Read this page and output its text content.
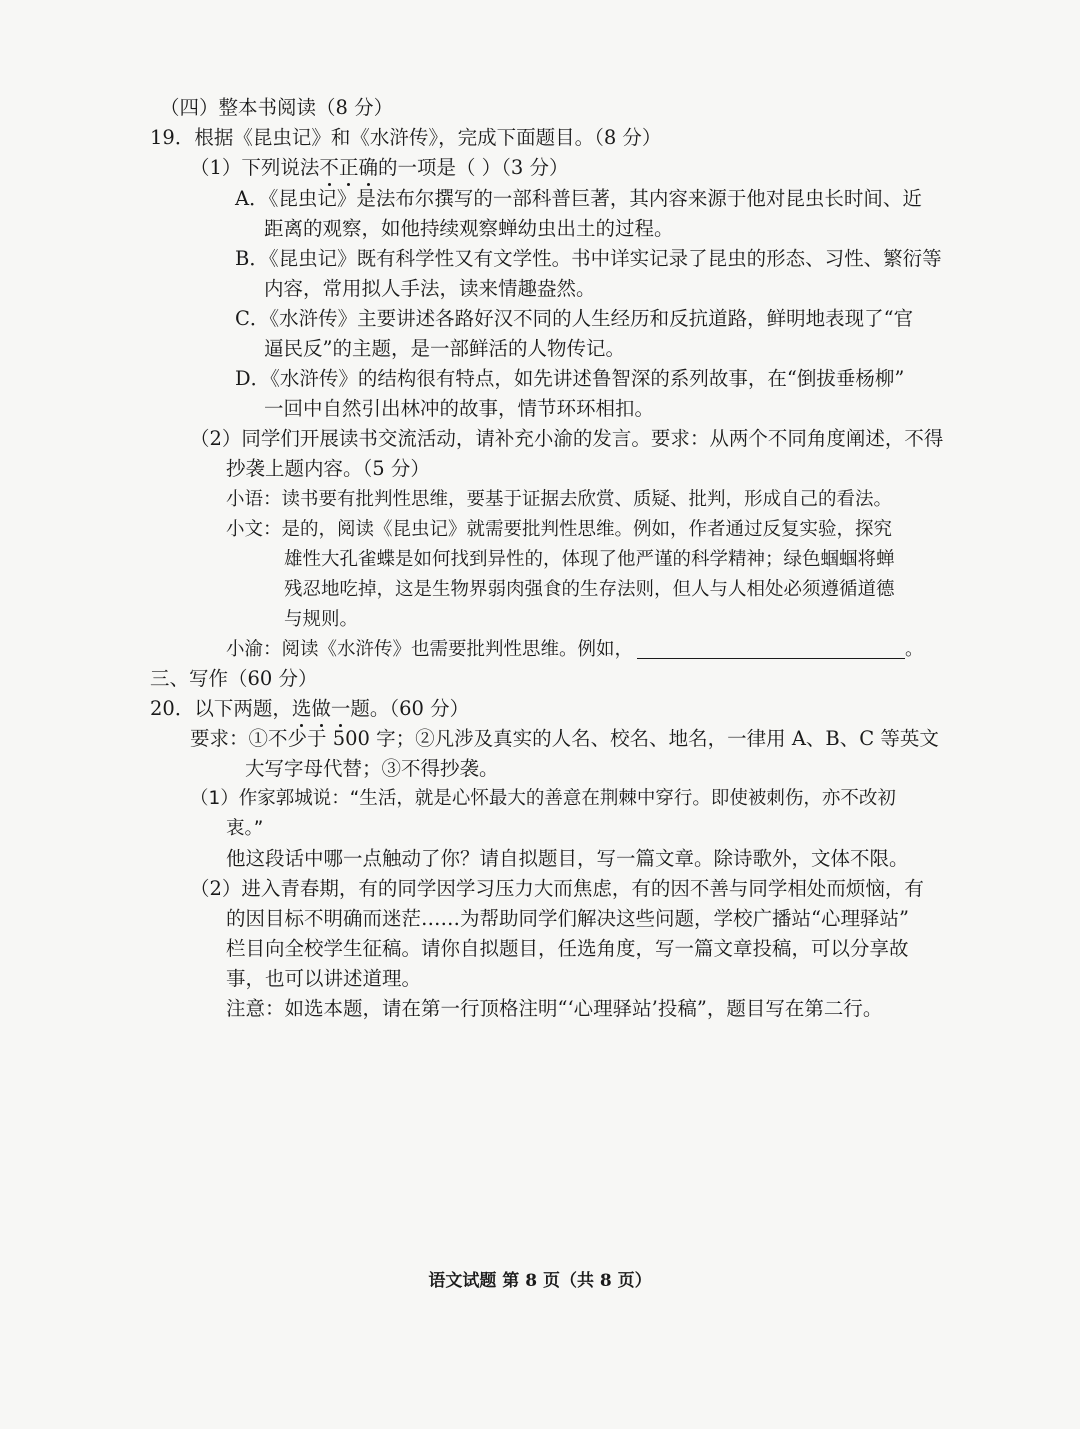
（四）整本书阅读（8 分）
19．根据《昆虫记》和《水浒传》，完成下面题目。（8 分）
（1）下列说法不正确的一项是（ ）（3 分）
A．《昆虫记》是法布尔撰写的一部科普巨著，其内容来源于他对昆虫长时间、近
距离的观察，如他持续观察蝉幼虫出土的过程。
B．《昆虫记》既有科学性又有文学性。书中详实记录了昆虫的形态、习性、繁衍等
内容，常用拟人手法，读来情趣盎然。
C．《水浒传》主要讲述各路好汉不同的人生经历和反抗道路，鲜明地表现了“官
逼民反”的主题，是一部鲜活的人物传记。
D．《水浒传》的结构很有特点，如先讲述鲁智深的系列故事，在“倒拔垂杨柳”
一回中自然引出林冲的故事，情节环环相扣。
（2）同学们开展读书交流活动，请补充小渝的发言。要求：从两个不同角度阐述，不得
抄袭上题内容。（5 分）
小语：读书要有批判性思维，要基于证据去欣赏、质疑、批判，形成自己的看法。
小文：是的，阅读《昆虫记》就需要批判性思维。例如，作者通过反复实验，探究
雄性大孔雀蝶是如何找到异性的，体现了他严谨的科学精神；绿色蝈蝈将蝉
残忍地吃掉，这是生物界弱肉强食的生存法则，但人与人相处必须遵循道德
与规则。
小渝：阅读《水浒传》也需要批判性思维。例如，	。
三、写作（60 分）
20．以下两题，选做一题。（60 分）
要求：①不少于 500 字；②凡涉及真实的人名、校名、地名，一律用 A、B、C 等英文
大写字母代替；③不得抄袭。
（1）作家郭城说：“生活，就是心怀最大的善意在荆棘中穿行。即使被刺伤，亦不改初
衷。”
他这段话中哪一点触动了你？请自拟题目，写一篇文章。除诗歌外，文体不限。
（2）进入青春期，有的同学因学习压力大而焦虑，有的因不善与同学相处而烦恼，有
的因目标不明确而迷茫……为帮助同学们解决这些问题，学校广播站“心理驿站”
栏目向全校学生征稿。请你自拟题目，任选角度，写一篇文章投稿，可以分享故
事，也可以讲述道理。
注意：如选本题，请在第一行顶格注明“‘心理驿站’投稿”，题目写在第二行。
语文试题 第 8 页（共 8 页）
